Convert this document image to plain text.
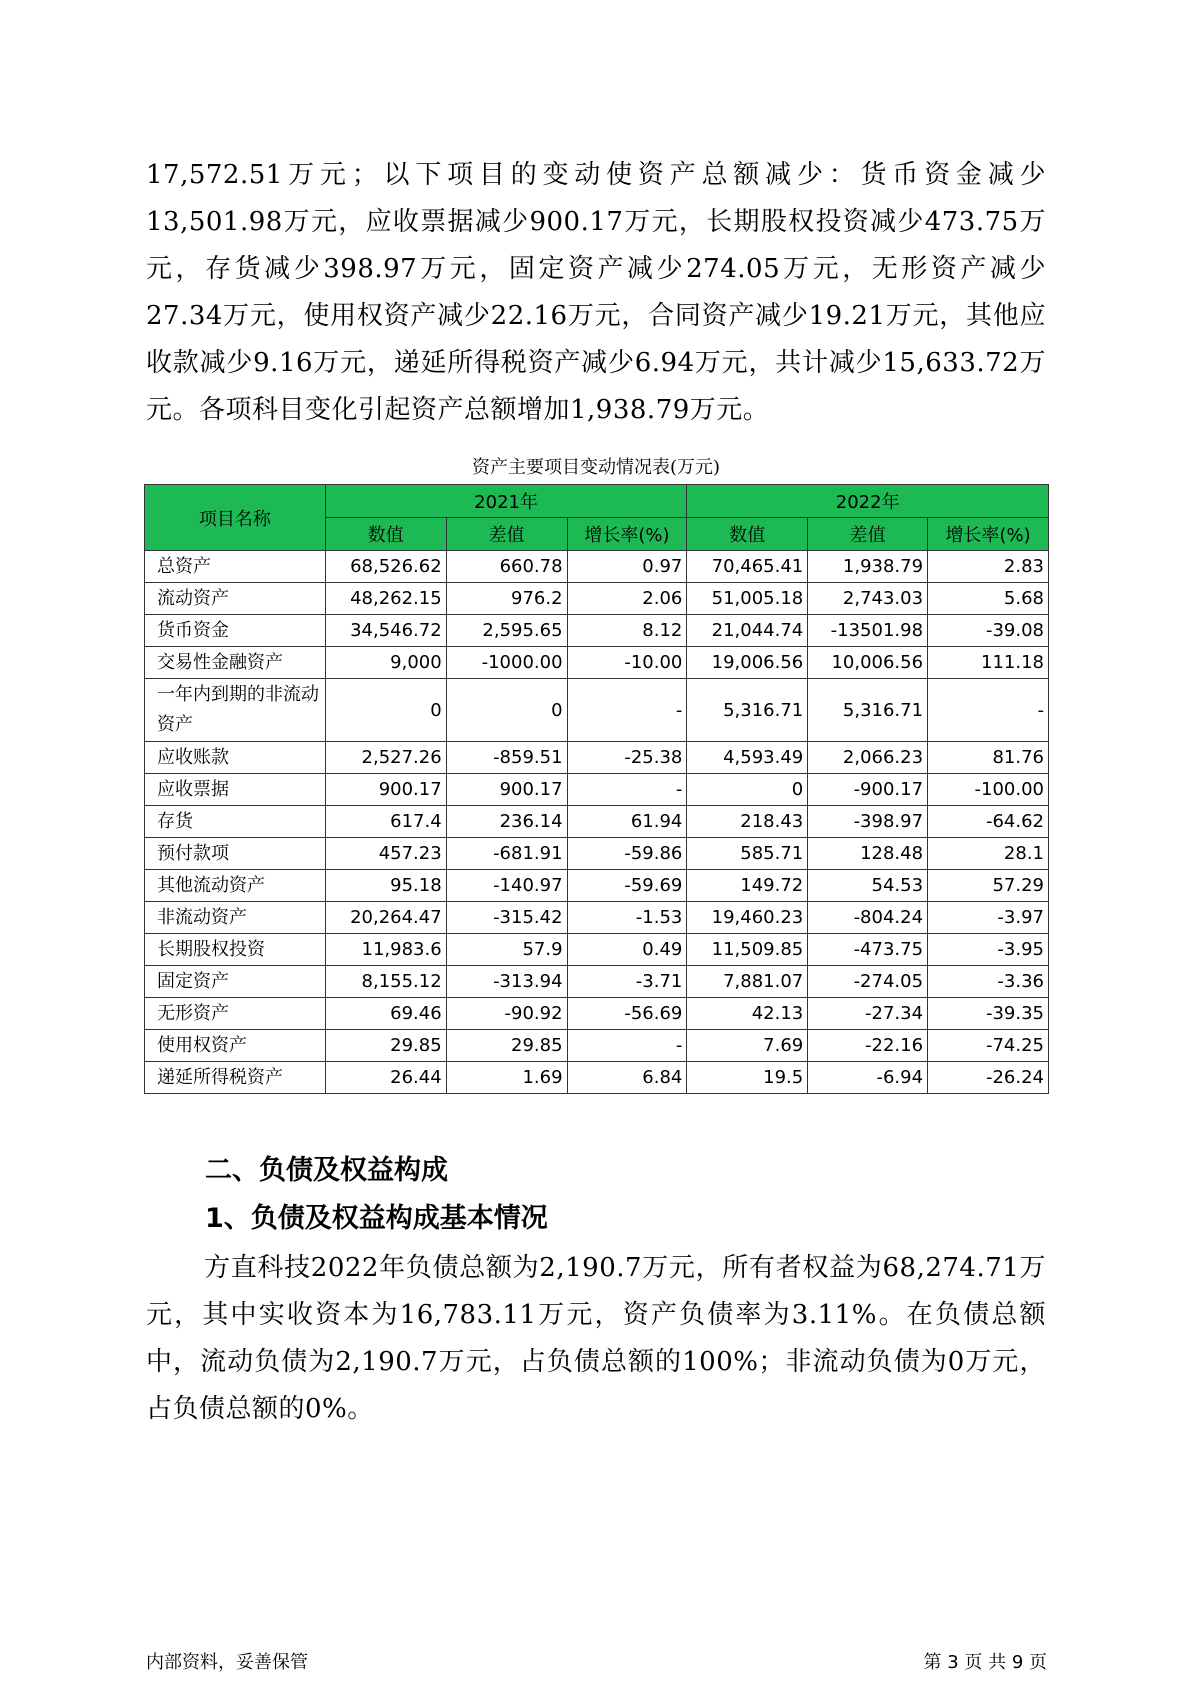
17,572.51万元；以下项目的变动使资产总额减少：货币资金减少13,501.98万元，应收票据减少900.17万元，长期股权投资减少473.75万元，存货减少398.97万元，固定资产减少274.05万元，无形资产减少27.34万元，使用权资产减少22.16万元，合同资产减少19.21万元，其他应收款减少9.16万元，递延所得税资产减少6.94万元，共计减少15,633.72万元。各项科目变化引起资产总额增加1,938.79万元。
资产主要项目变动情况表(万元)
项目名称	2021年			2022年		
	数值	差值	增长率(%)	数值	差值	增长率(%)
总资产	68,526.62	660.78	0.97	70,465.41	1,938.79	2.83
流动资产	48,262.15	976.2	2.06	51,005.18	2,743.03	5.68
货币资金	34,546.72	2,595.65	8.12	21,044.74	-13501.98	-39.08
交易性金融资产	9,000	-1000.00	-10.00	19,006.56	10,006.56	111.18
一年内到期的非流动资产	0	0	-	5,316.71	5,316.71	-
应收账款	2,527.26	-859.51	-25.38	4,593.49	2,066.23	81.76
应收票据	900.17	900.17	-	0	-900.17	-100.00
存货	617.4	236.14	61.94	218.43	-398.97	-64.62
预付款项	457.23	-681.91	-59.86	585.71	128.48	28.1
其他流动资产	95.18	-140.97	-59.69	149.72	54.53	57.29
非流动资产	20,264.47	-315.42	-1.53	19,460.23	-804.24	-3.97
长期股权投资	11,983.6	57.9	0.49	11,509.85	-473.75	-3.95
固定资产	8,155.12	-313.94	-3.71	7,881.07	-274.05	-3.36
无形资产	69.46	-90.92	-56.69	42.13	-27.34	-39.35
使用权资产	29.85	29.85	-	7.69	-22.16	-74.25
递延所得税资产	26.44	1.69	6.84	19.5	-6.94	-26.24
二、负债及权益构成
1、负债及权益构成基本情况
方直科技2022年负债总额为2,190.7万元，所有者权益为68,274.71万元，其中实收资本为16,783.11万元，资产负债率为3.11%。在负债总额中，流动负债为2,190.7万元，占负债总额的100%；非流动负债为0万元，占负债总额的0%。
内部资料，妥善保管	第 3 页 共 9 页
